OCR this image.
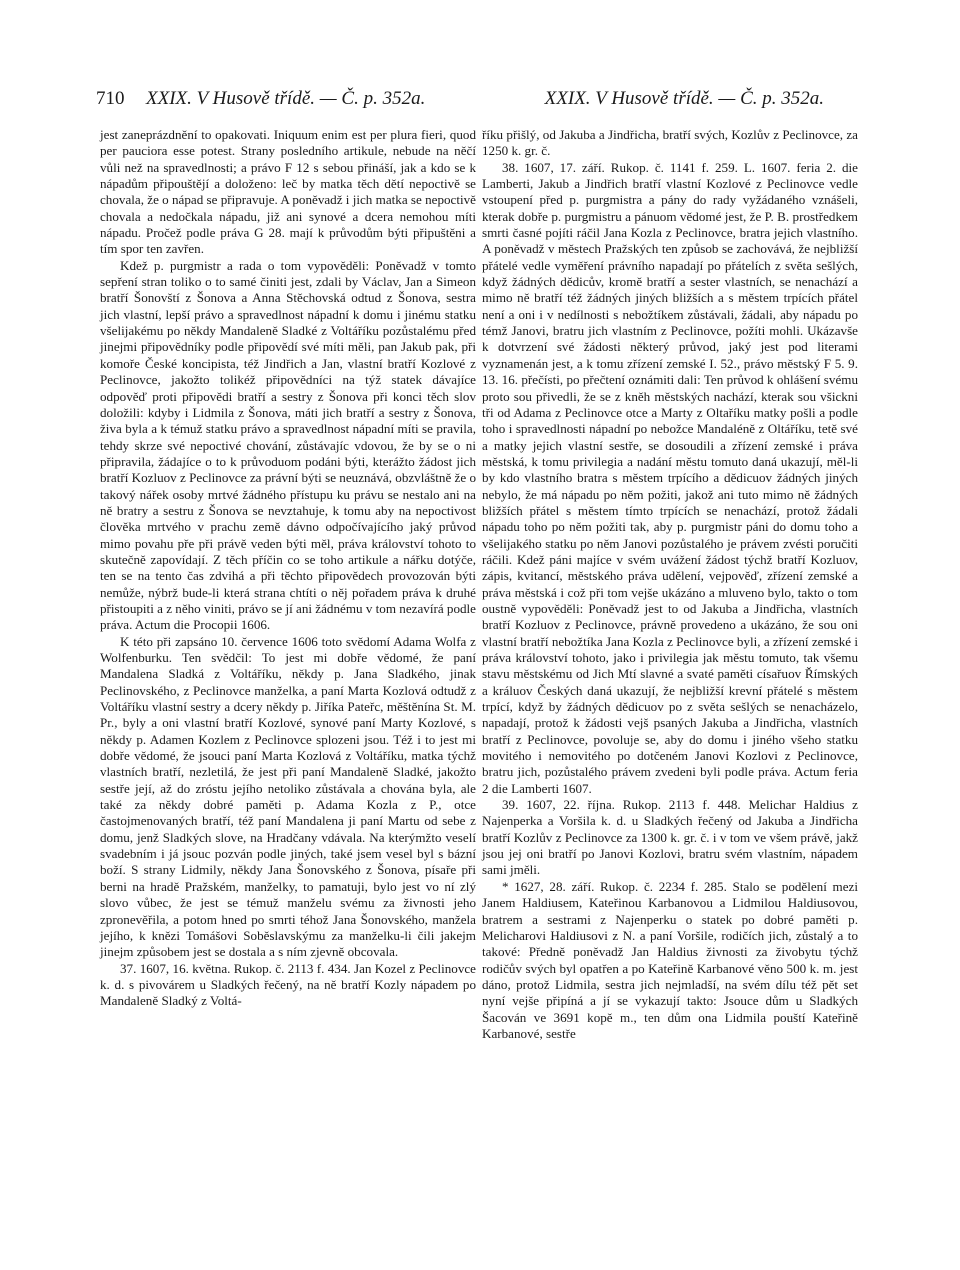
710 XXIX. V Husově třídě. — Č. p. 352a.	XXIX. V Husově třídě. — Č. p. 352a.

jest zaneprázdnění to opakovati. Iniquum enim est per plura fieri, quod per pauciora esse potest. Strany posledního artikule, nebude na něčí vůli než na spravedlnosti; a právo F 12 s sebou přináší, jak a kdo se k nápadům připouštějí a doloženo: leč by matka těch dětí nepoctivě se chovala, že o nápad se připravuje. A poněvadž i jich matka se nepoctivě chovala a nedočkala nápadu, již ani synové a dcera nemohou míti nápadu. Pročež podle práva G 28. mají k průvodům býti připuštěni a tím spor ten zavřen.

Kdež p. purgmistr a rada o tom vypověděli: Poněvadž v tomto sepření stran toliko o to samé činiti jest, zdali by Václav, Jan a Simeon bratří Šonovští z Šonova a Anna Stěchovská odtud z Šonova, sestra jich vlastní, lepší právo a spravedlnost nápadní k domu i jinému statku všelijakému po někdy Mandaleně Sladké z Voltáříku pozůstalému před jinejmi připovědníky podle připovědí své míti měli, pan Jakub pak, při komoře České koncipista, též Jindřich a Jan, vlastní bratří Kozlové z Peclinovce, jakožto tolikéž připovědníci na týž statek dávajíce odpověď proti připovědi bratří a sestry z Šonova při konci těch slov doložili: kdyby i Lidmila z Šonova, máti jich bratří a sestry z Šonova, živa byla a k témuž statku právo a spravedlnost nápadní míti se pravila, tehdy skrze své nepoctivé chování, zůstávajíc vdovou, že by se o ni připravila, žádajíce o to k průvoduom podáni býti, kterážto žádost jich bratří Kozluov z Peclinovce za právní býti se neuznává, obzvláštně že o takový nářek osoby mrtvé žádného přístupu ku právu se nestalo ani na ně bratry a sestru z Šonova se nevztahuje, k tomu aby na nepoctivost člověka mrtvého v prachu země dávno odpočívajícího jaký průvod mimo povahu pře při právě veden býti měl, práva království tohoto to skutečně zapovídají. Z těch příčin co se toho artikule a nářku dotýče, ten se na tento čas zdvihá a při těchto připovědech provozován býti nemůže, nýbrž bude-li která strana chtíti o něj pořadem práva k druhé přistoupiti a z něho viniti, právo se jí ani žádnému v tom nezavírá podle práva. Actum die Procopii 1606.

K této při zapsáno 10. července 1606 toto svědomí Adama Wolfa z Wolfenburku. Ten svědčil: To jest mi dobře vědomé, že paní Mandalena Sladká z Voltáříku, někdy p. Jana Sladkého, jinak Peclinovského, z Peclinovce manželka, a paní Marta Kozlová odtudž z Voltáříku vlastní sestry a dcery někdy p. Jiříka Pateřc, měštěnína St. M. Pr., byly a oni vlastní bratří Kozlové, synové paní Marty Kozlové, s někdy p. Adamen Kozlem z Peclinovce splozeni jsou. Též i to jest mi dobře vědomé, že jsouci paní Marta Kozlová z Voltáříku, matka týchž vlastních bratří, nezletilá, že jest při paní Mandaleně Sladké, jakožto sestře její, až do zróstu jejího netoliko zůstávala a chována byla, ale také za někdy dobré paměti p. Adama Kozla z P., otce častojmenovaných bratří, též paní Mandalena ji paní Martu od sebe z domu, jenž Sladkých slove, na Hradčany vdávala. Na kterýmžto veselí svadebním i já jsouc pozván podle jiných, také jsem vesel byl s bázní boží. S strany Lidmily, někdy Jana Šonovského z Šonova, písaře při berni na hradě Pražském, manželky, to pamatuji, bylo jest vo ní zlý slovo vůbec, že jest se témuž manželu svému za živnosti jeho zpronevěřila, a potom hned po smrti téhož Jana Šonovského, manžela jejího, k knězi Tomášovi Soběslavskýmu za manželku-li čili jakejm jinejm způsobem jest se dostala a s ním zjevně obcovala.

37. 1607, 16. května. Rukop. č. 2113 f. 434. Jan Kozel z Peclinovce k. d. s pivovárem u Sladkých řečený, na ně bratří Kozly nápadem po Mandaleně Sladký z Voltá-

říku přišlý, od Jakuba a Jindřicha, bratří svých, Kozlův z Peclinovce, za 1250 k. gr. č.

38. 1607, 17. září. Rukop. č. 1141 f. 259. L. 1607. feria 2. die Lamberti, Jakub a Jindřich bratří vlastní Kozlové z Peclinovce vedle vstoupení před p. purgmistra a pány do rady vyžádaného vznášeli, kterak dobře p. purgmistru a pánuom vědomé jest, že P. B. prostředkem smrti časné pojíti ráčil Jana Kozla z Peclinovce, bratra jejich vlastního. A poněvadž v městech Pražských ten způsob se zachovává, že nejbližší přátelé vedle vyměření právního napadají po přátelích z světa sešlých, když žádných dědicův, kromě bratří a sester vlastních, se nenachází a mimo ně bratří též žádných jiných bližších a s městem trpících přátel není a oni i v nedílnosti s nebožtíkem zůstávali, žádali, aby nápadu po témž Janovi, bratru jich vlastním z Peclinovce, požíti mohli. Ukázavše k dotvrzení své žádosti některý průvod, jaký jest pod literami vyznamenán jest, a k tomu zřízení zemské I. 52., právo městský F 5. 9. 13. 16. přečísti, po přečtení oznámiti dali: Ten průvod k ohlášení svému proto sou přivedli, že se z kněh městských nachází, kterak sou všickni tři od Adama z Peclinovce otce a Marty z Oltaříku matky pošli a podle toho i spravedlnosti nápadní po nebožce Mandaléně z Oltáříku, tetě své a matky jejich vlastní sestře, se dosoudili a zřízení zemské i práva městská, k tomu privilegia a nadání městu tomuto daná ukazují, měl-li by kdo vlastního bratra s městem trpícího a dědicuov žádných jiných nebylo, že má nápadu po něm požiti, jakož ani tuto mimo ně žádných bližších přátel s městem tímto trpících se nenachází, protož žádali nápadu toho po něm požiti tak, aby p. purgmistr páni do domu toho a všelijakého statku po něm Janovi pozůstalého je právem zvésti poručiti ráčili. Kdež páni majíce v svém uvážení žádost týchž bratří Kozluov, zápis, kvitancí, městského práva udělení, vejpověď, zřízení zemské a práva městská i což při tom vejše ukázáno a mluveno bylo, takto o tom oustně vypověděli: Poněvadž jest to od Jakuba a Jindřicha, vlastních bratří Kozluov z Peclinovce, právně provedeno a ukázáno, že sou oni vlastní bratří nebožtíka Jana Kozla z Peclinovce byli, a zřízení zemské i práva království tohoto, jako i privilegia jak městu tomuto, tak všemu stavu městskému od Jich Mtí slavné a svaté paměti císařuov Římských a králuov Českých daná ukazují, že nejbližší krevní přátelé s městem trpící, když by žádných dědicuov po z světa sešlých se nenacházelo, napadají, protož k žádosti vejš psaných Jakuba a Jindřicha, vlastních bratří z Peclinovce, povoluje se, aby do domu i jiného všeho statku movitého i nemovitého po dotčeném Janovi Kozlovi z Peclinovce, bratru jich, pozůstalého právem zvedeni byli podle práva. Actum feria 2 die Lamberti 1607.

39. 1607, 22. října. Rukop. 2113 f. 448. Melichar Haldius z Najenperka a Voršila k. d. u Sladkých řečený od Jakuba a Jindřicha bratří Kozlův z Peclinovce za 1300 k. gr. č. i v tom ve všem právě, jakž jsou jej oni bratří po Janovi Kozlovi, bratru svém vlastním, nápadem sami jměli.

* 1627, 28. září. Rukop. č. 2234 f. 285. Stalo se podělení mezi Janem Haldiusem, Kateřinou Karbanovou a Lidmilou Haldiusovou, bratrem a sestrami z Najenperku o statek po dobré paměti p. Melicharovi Haldiusovi z N. a paní Voršile, rodičích jich, zůstalý a to takové: Předně poněvadž Jan Haldius živnosti za živobytu týchž rodičův svých byl opatřen a po Kateřině Karbanové věno 500 k. m. jest dáno, protož Lidmila, sestra jich nejmladší, na svém dílu též pět set nyní vejše připíná a jí se vykazují takto: Jsouce dům u Sladkých Šacován ve 3691 kopě m., ten dům ona Lidmila pouští Kateřině Karbanové, sestře
